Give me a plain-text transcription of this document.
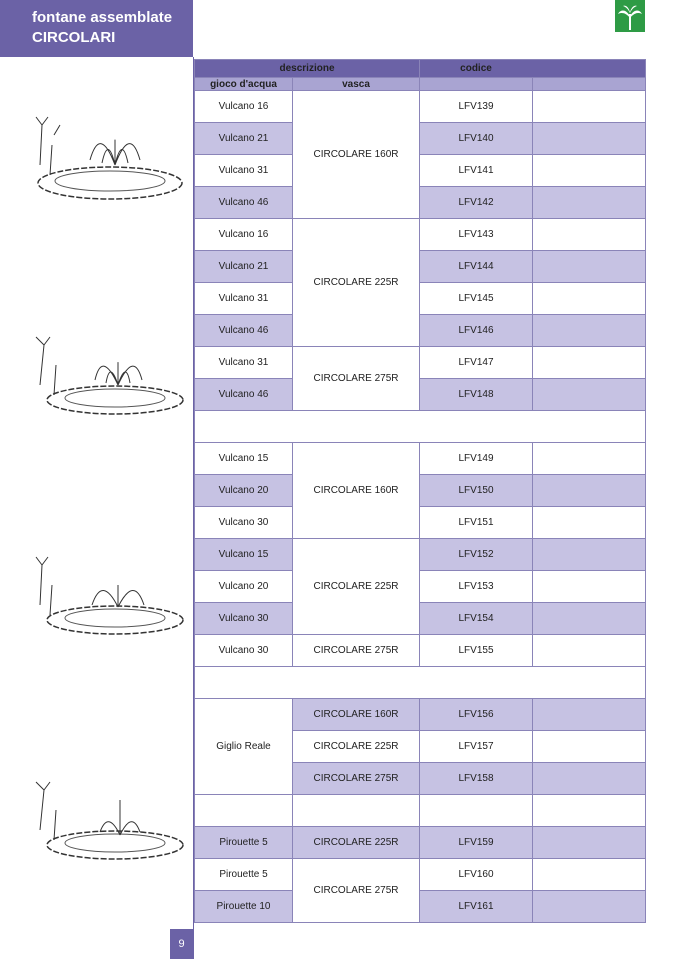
fontane assemblate
CIRCOLARI
descrizione		codice	
gioco d'acqua	vasca		
Vulcano 16	CIRCOLARE 160R	LFV139	
Vulcano 21		LFV140	
Vulcano 31		LFV141	
Vulcano 46		LFV142	
Vulcano 16	CIRCOLARE 225R	LFV143	
Vulcano 21		LFV144	
Vulcano 31		LFV145	
Vulcano 46		LFV146	
Vulcano 31	CIRCOLARE 275R	LFV147	
Vulcano 46		LFV148	

Vulcano 15	CIRCOLARE 160R	LFV149	
Vulcano 20		LFV150	
Vulcano 30		LFV151	
Vulcano 15	CIRCOLARE 225R	LFV152	
Vulcano 20		LFV153	
Vulcano 30		LFV154	
Vulcano 30	CIRCOLARE 275R	LFV155	

Giglio Reale	CIRCOLARE 160R	LFV156	
	CIRCOLARE 225R	LFV157	
	CIRCOLARE 275R	LFV158	

Pirouette 5	CIRCOLARE 225R	LFV159	
Pirouette 5	CIRCOLARE 275R	LFV160	
Pirouette 10		LFV161	
9
